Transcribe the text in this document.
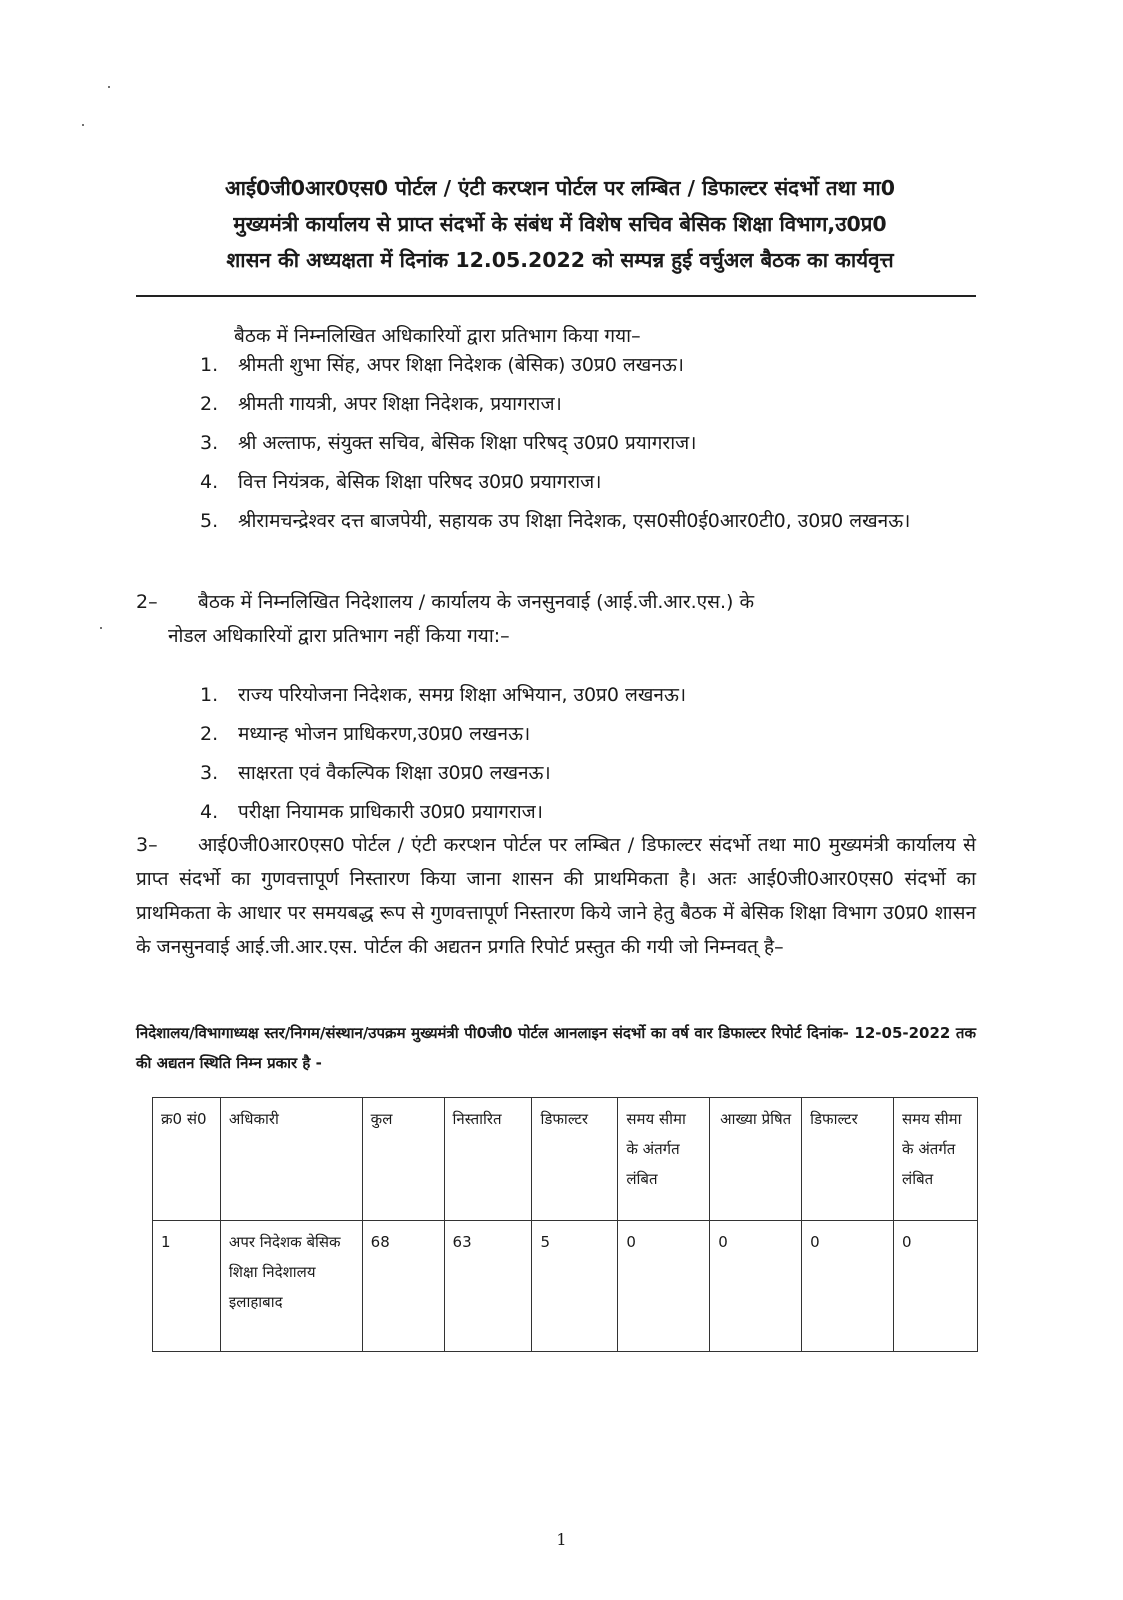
आई0जी0आर0एस0 पोर्टल / एंटी करप्शन पोर्टल पर लम्बित / डिफाल्टर संदर्भो तथा मा0
मुख्यमंत्री कार्यालय से प्राप्त संदर्भो के संबंध में विशेष सचिव बेसिक शिक्षा विभाग,उ0प्र0
शासन की अध्यक्षता में दिनांक 12.05.2022 को सम्पन्न हुई वर्चुअल बैठक का कार्यवृत्त
बैठक में निम्नलिखित अधिकारियों द्वारा प्रतिभाग किया गया–
1. श्रीमती शुभा सिंह, अपर शिक्षा निदेशक (बेसिक) उ0प्र0 लखनऊ।
2. श्रीमती गायत्री, अपर शिक्षा निदेशक, प्रयागराज।
3. श्री अल्ताफ, संयुक्त सचिव, बेसिक शिक्षा परिषद् उ0प्र0 प्रयागराज।
4. वित्त नियंत्रक, बेसिक शिक्षा परिषद उ0प्र0 प्रयागराज।
5. श्रीरामचन्द्रेश्वर दत्त बाजपेयी, सहायक उप शिक्षा निदेशक, एस0सी0ई0आर0टी0, उ0प्र0 लखनऊ।
2– बैठक में निम्नलिखित निदेशालय / कार्यालय के जनसुनवाई (आई.जी.आर.एस.) के
नोडल अधिकारियों द्वारा प्रतिभाग नहीं किया गया:–
1. राज्य परियोजना निदेशक, समग्र शिक्षा अभियान, उ0प्र0 लखनऊ।
2. मध्यान्ह भोजन प्राधिकरण,उ0प्र0 लखनऊ।
3. साक्षरता एवं वैकल्पिक शिक्षा उ0प्र0 लखनऊ।
4. परीक्षा नियामक प्राधिकारी उ0प्र0 प्रयागराज।
3– आई0जी0आर0एस0 पोर्टल / एंटी करप्शन पोर्टल पर लम्बित / डिफाल्टर संदर्भो तथा मा0 मुख्यमंत्री कार्यालय से प्राप्त संदर्भो का गुणवत्तापूर्ण निस्तारण किया जाना शासन की प्राथमिकता है। अतः आई0जी0आर0एस0 संदर्भो का प्राथमिकता के आधार पर समयबद्ध रूप से गुणवत्तापूर्ण निस्तारण किये जाने हेतु बैठक में बेसिक शिक्षा विभाग उ0प्र0 शासन के जनसुनवाई आई.जी.आर.एस. पोर्टल की अद्यतन प्रगति रिपोर्ट प्रस्तुत की गयी जो निम्नवत् है–
निदेशालय/विभागाध्यक्ष स्तर/निगम/संस्थान/उपक्रम मुख्यमंत्री पी0जी0 पोर्टल आनलाइन संदर्भो का वर्ष वार डिफाल्टर रिपोर्ट दिनांक- 12-05-2022 तक की अद्यतन स्थिति निम्न प्रकार है -
क्र0 सं0	अधिकारी	कुल	निस्तारित	डिफाल्टर	समय सीमा के अंतर्गत लंबित	आख्या प्रेषित	डिफाल्टर	समय सीमा के अंतर्गत लंबित
1	अपर निदेशक बेसिक शिक्षा निदेशालय इलाहाबाद	68	63	5	0	0	0	0
1
